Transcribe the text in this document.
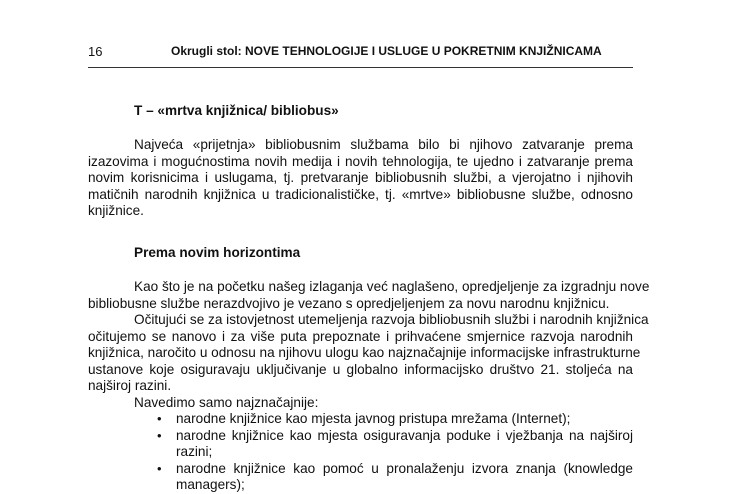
16	Okrugli stol: NOVE TEHNOLOGIJE I USLUGE U POKRETNIM KNJIŽNICAMA
T – «mrtva knjižnica/ bibliobus»
Najveća «prijetnja» bibliobusnim službama bilo bi njihovo zatvaranje prema
izazovima i mogućnostima novih medija i novih tehnologija, te ujedno i zatvaranje prema
novim korisnicima i uslugama, tj. pretvaranje bibliobusnih službi, a vjerojatno i njihovih
matičnih narodnih knjižnica u tradicionalističke, tj. «mrtve» bibliobusne službe, odnosno
knjižnice.
Prema novim horizontima
Kao što je na početku našeg izlaganja već naglašeno, opredjeljenje za izgradnju nove
bibliobusne službe nerazdvojivo je vezano s opredjeljenjem za novu narodnu knjižnicu.
Očitujući se za istovjetnost utemeljenja razvoja bibliobusnih službi i narodnih knjižnica
očitujemo se nanovo i za više puta prepoznate i prihvaćene smjernice razvoja narodnih
knjižnica, naročito u odnosu na njihovu ulogu kao najznačajnije informacijske infrastrukturne
ustanove koje osiguravaju uključivanje u globalno informacijsko društvo 21. stoljeća na
najširoj razini.
Navedimo samo najznačajnije:
• narodne knjižnice kao mjesta javnog pristupa mrežama (Internet);
• narodne knjižnice kao mjesta osiguravanja poduke i vježbanja na najširoj
razini;
• narodne knjižnice kao pomoć u pronalaženju izvora znanja (knowledge
managers);
